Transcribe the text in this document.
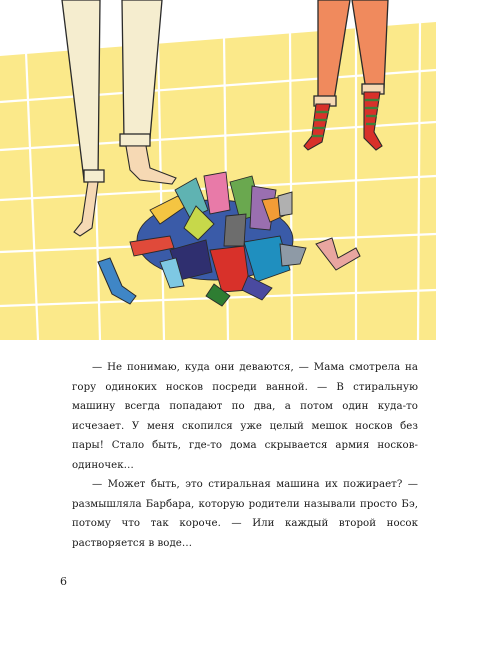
— Не понимаю, куда они деваются, — Мама смотрела на гору одиноких носков посреди ванной. — В стиральную машину всегда попадают по два, а потом один куда-то исчезает. У меня скопился уже целый мешок носков без пары! Стало быть, где-то дома скрывается армия носков-одиночек…

— Может быть, это стиральная машина их пожирает? — размышляла Барбара, которую родители называли просто Бэ, потому что так короче. — Или каждый второй носок растворяется в воде…

6
